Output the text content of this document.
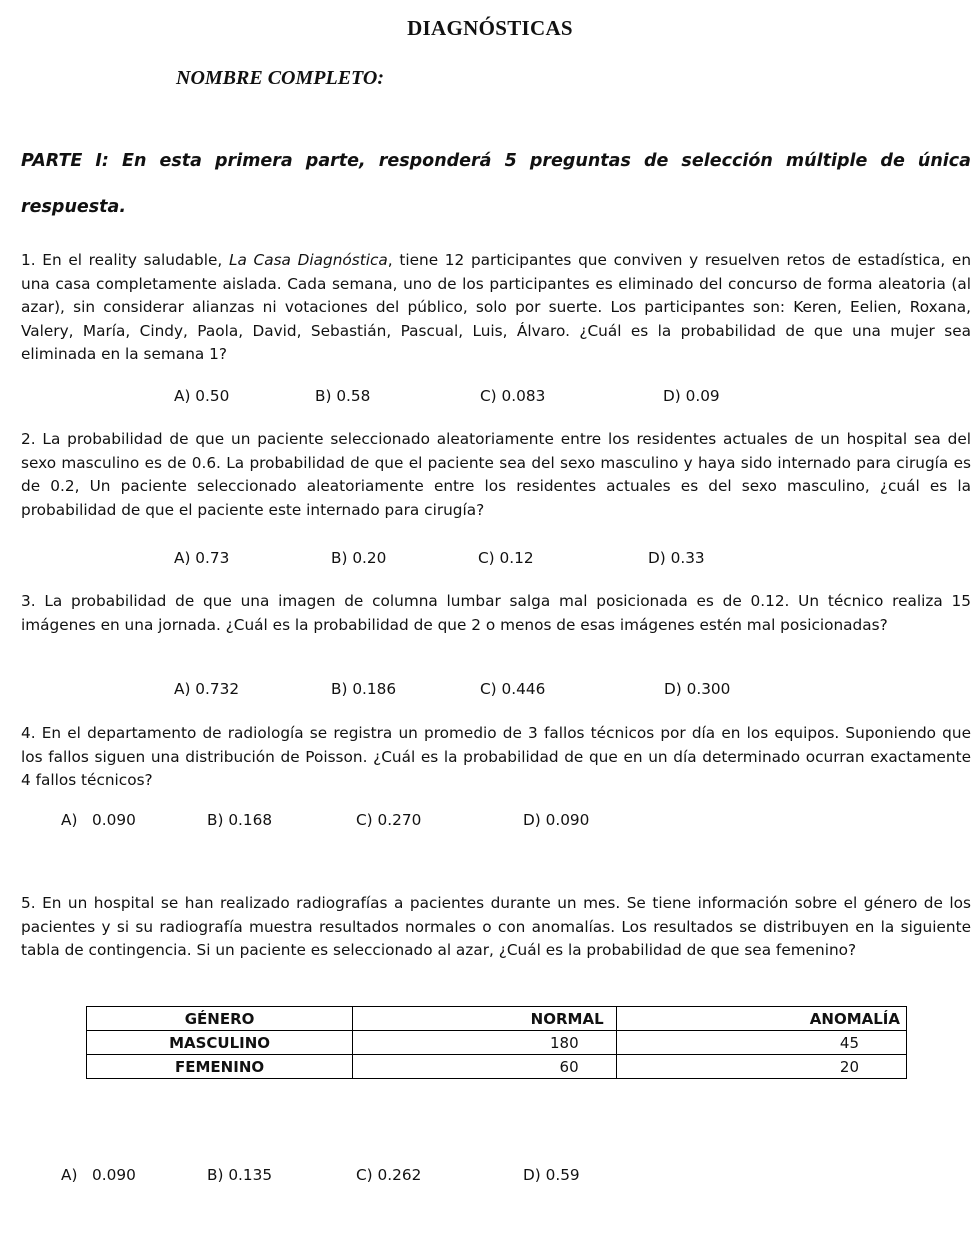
DIAGNÓSTICAS
NOMBRE COMPLETO:
PARTE I: En esta primera parte, responderá 5 preguntas de selección múltiple de única respuesta.
1. En el reality saludable, La Casa Diagnóstica, tiene 12 participantes que conviven y resuelven retos de estadística, en una casa completamente aislada. Cada semana, uno de los participantes es eliminado del concurso de forma aleatoria (al azar), sin considerar alianzas ni votaciones del público, solo por suerte. Los participantes son: Keren, Eelien, Roxana, Valery, María, Cindy, Paola, David, Sebastián, Pascual, Luis, Álvaro. ¿Cuál es la probabilidad de que una mujer sea eliminada en la semana 1?
A) 0.50	B) 0.58	C) 0.083	D) 0.09
2. La probabilidad de que un paciente seleccionado aleatoriamente entre los residentes actuales de un hospital sea del sexo masculino es de 0.6. La probabilidad de que el paciente sea del sexo masculino y haya sido internado para cirugía es de 0.2, Un paciente seleccionado aleatoriamente entre los residentes actuales es del sexo masculino, ¿cuál es la probabilidad de que el paciente este internado para cirugía?
A) 0.73	B) 0.20	C) 0.12	D) 0.33
3. La probabilidad de que una imagen de columna lumbar salga mal posicionada es de 0.12. Un técnico realiza 15 imágenes en una jornada. ¿Cuál es la probabilidad de que 2 o menos de esas imágenes estén mal posicionadas?
A) 0.732	B) 0.186	C) 0.446	D) 0.300
4. En el departamento de radiología se registra un promedio de 3 fallos técnicos por día en los equipos. Suponiendo que los fallos siguen una distribución de Poisson. ¿Cuál es la probabilidad de que en un día determinado ocurran exactamente 4 fallos técnicos?
A)   0.090	B) 0.168	C) 0.270	D) 0.090
5. En un hospital se han realizado radiografías a pacientes durante un mes. Se tiene información sobre el género de los pacientes y si su radiografía muestra resultados normales o con anomalías. Los resultados se distribuyen en la siguiente tabla de contingencia. Si un paciente es seleccionado al azar, ¿Cuál es la probabilidad de que sea femenino?
GÉNERO	NORMAL	ANOMALÍA
MASCULINO	180	45
FEMENINO	60	20
A)   0.090	B) 0.135	C) 0.262	D) 0.59
